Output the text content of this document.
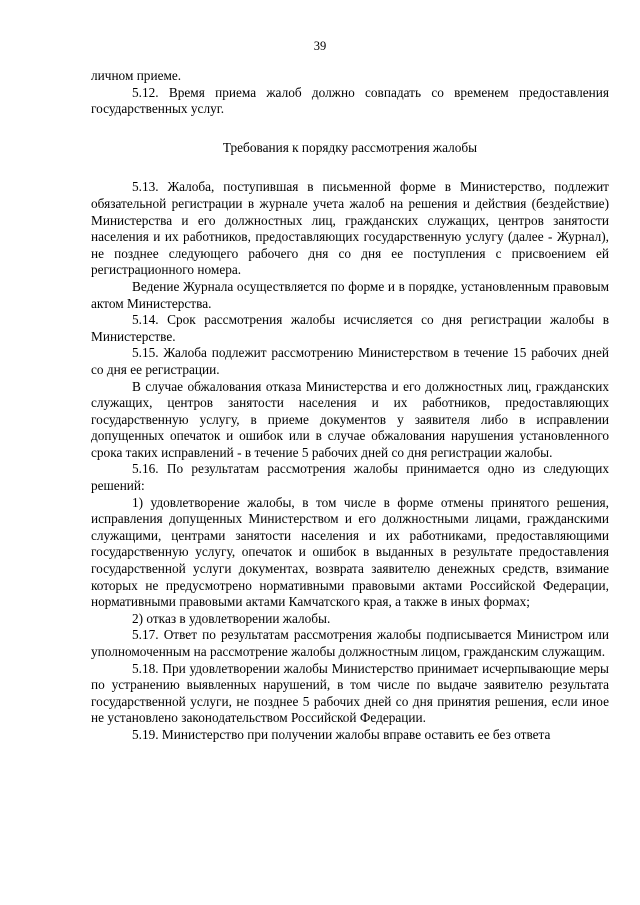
39

личном приеме.

5.12. Время приема жалоб должно совпадать со временем предоставления государственных услуг.

Требования к порядку рассмотрения жалобы

5.13. Жалоба, поступившая в письменной форме в Министерство, подлежит обязательной регистрации в журнале учета жалоб на решения и действия (бездействие) Министерства и его должностных лиц, гражданских служащих, центров занятости населения и их работников, предоставляющих государственную услугу (далее - Журнал), не позднее следующего рабочего дня со дня ее поступления с присвоением ей регистрационного номера.

Ведение Журнала осуществляется по форме и в порядке, установленным правовым актом Министерства.

5.14. Срок рассмотрения жалобы исчисляется со дня регистрации жалобы в Министерстве.

5.15. Жалоба подлежит рассмотрению Министерством в течение 15 рабочих дней со дня ее регистрации.

В случае обжалования отказа Министерства и его должностных лиц, гражданских служащих, центров занятости населения и их работников, предоставляющих государственную услугу, в приеме документов у заявителя либо в исправлении допущенных опечаток и ошибок или в случае обжалования нарушения установленного срока таких исправлений - в течение 5 рабочих дней со дня регистрации жалобы.

5.16. По результатам рассмотрения жалобы принимается одно из следующих решений:

1) удовлетворение жалобы, в том числе в форме отмены принятого решения, исправления допущенных Министерством и его должностными лицами, гражданскими служащими, центрами занятости населения и их работниками, предоставляющими государственную услугу, опечаток и ошибок в выданных в результате предоставления государственной услуги документах, возврата заявителю денежных средств, взимание которых не предусмотрено нормативными правовыми актами Российской Федерации, нормативными правовыми актами Камчатского края, а также в иных формах;

2) отказ в удовлетворении жалобы.

5.17. Ответ по результатам рассмотрения жалобы подписывается Министром или уполномоченным на рассмотрение жалобы должностным лицом, гражданским служащим.

5.18. При удовлетворении жалобы Министерство принимает исчерпывающие меры по устранению выявленных нарушений, в том числе по выдаче заявителю результата государственной услуги, не позднее 5 рабочих дней со дня принятия решения, если иное не установлено законодательством Российской Федерации.

5.19. Министерство при получении жалобы вправе оставить ее без ответа
